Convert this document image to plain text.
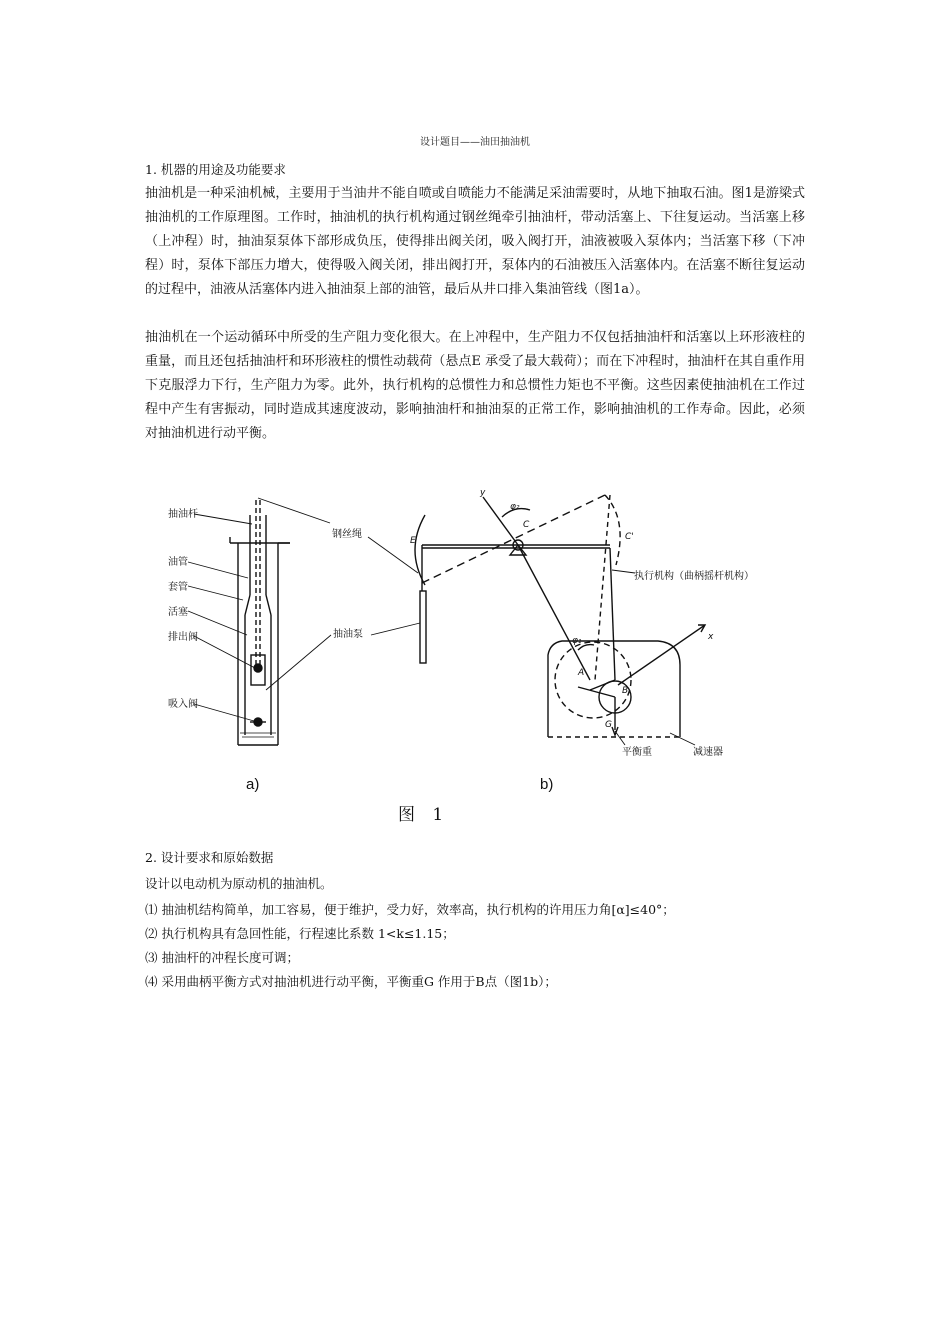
设计题目——油田抽油机
1. 机器的用途及功能要求

抽油机是一种采油机械，主要用于当油井不能自喷或自喷能力不能满足采油需要时，从地下抽取石油。图1是游梁式抽油机的工作原理图。工作时，抽油机的执行机构通过钢丝绳牵引抽油杆，带动活塞上、下往复运动。当活塞上移（上冲程）时，抽油泵泵体下部形成负压，使得排出阀关闭，吸入阀打开，油液被吸入泵体内；当活塞下移（下冲程）时，泵体下部压力增大，使得吸入阀关闭，排出阀打开，泵体内的石油被压入活塞体内。在活塞不断往复运动的过程中，油液从活塞体内进入抽油泵上部的油管，最后从井口排入集油管线（图1a）。

抽油机在一个运动循环中所受的生产阻力变化很大。在上冲程中，生产阻力不仅包括抽油杆和活塞以上环形液柱的重量，而且还包括抽油杆和环形液柱的惯性动载荷（悬点E 承受了最大载荷）；而在下冲程时，抽油杆在其自重作用下克服浮力下行，生产阻力为零。此外，执行机构的总惯性力和总惯性力矩也不平衡。这些因素使抽油机在工作过程中产生有害振动，同时造成其速度波动，影响抽油杆和抽油泵的正常工作，影响抽油机的工作寿命。因此，必须对抽油机进行动平衡。

抽油杆
油管
套管
活塞
排出阀
吸入阀
钢丝绳
抽油泵
执行机构（曲柄摇杆机构）
平衡重	减速器
φ₂
φ₁
E
C
C'
y
x
A
B
G
a)	b)
图 1
2. 设计要求和原始数据
设计以电动机为原动机的抽油机。
⑴ 抽油机结构简单，加工容易，便于维护，受力好，效率高，执行机构的许用压力角[α]≤40°；
⑵ 执行机构具有急回性能，行程速比系数 1<k≤1.15；
⑶ 抽油杆的冲程长度可调；
⑷ 采用曲柄平衡方式对抽油机进行动平衡，平衡重G 作用于B点（图1b）；
